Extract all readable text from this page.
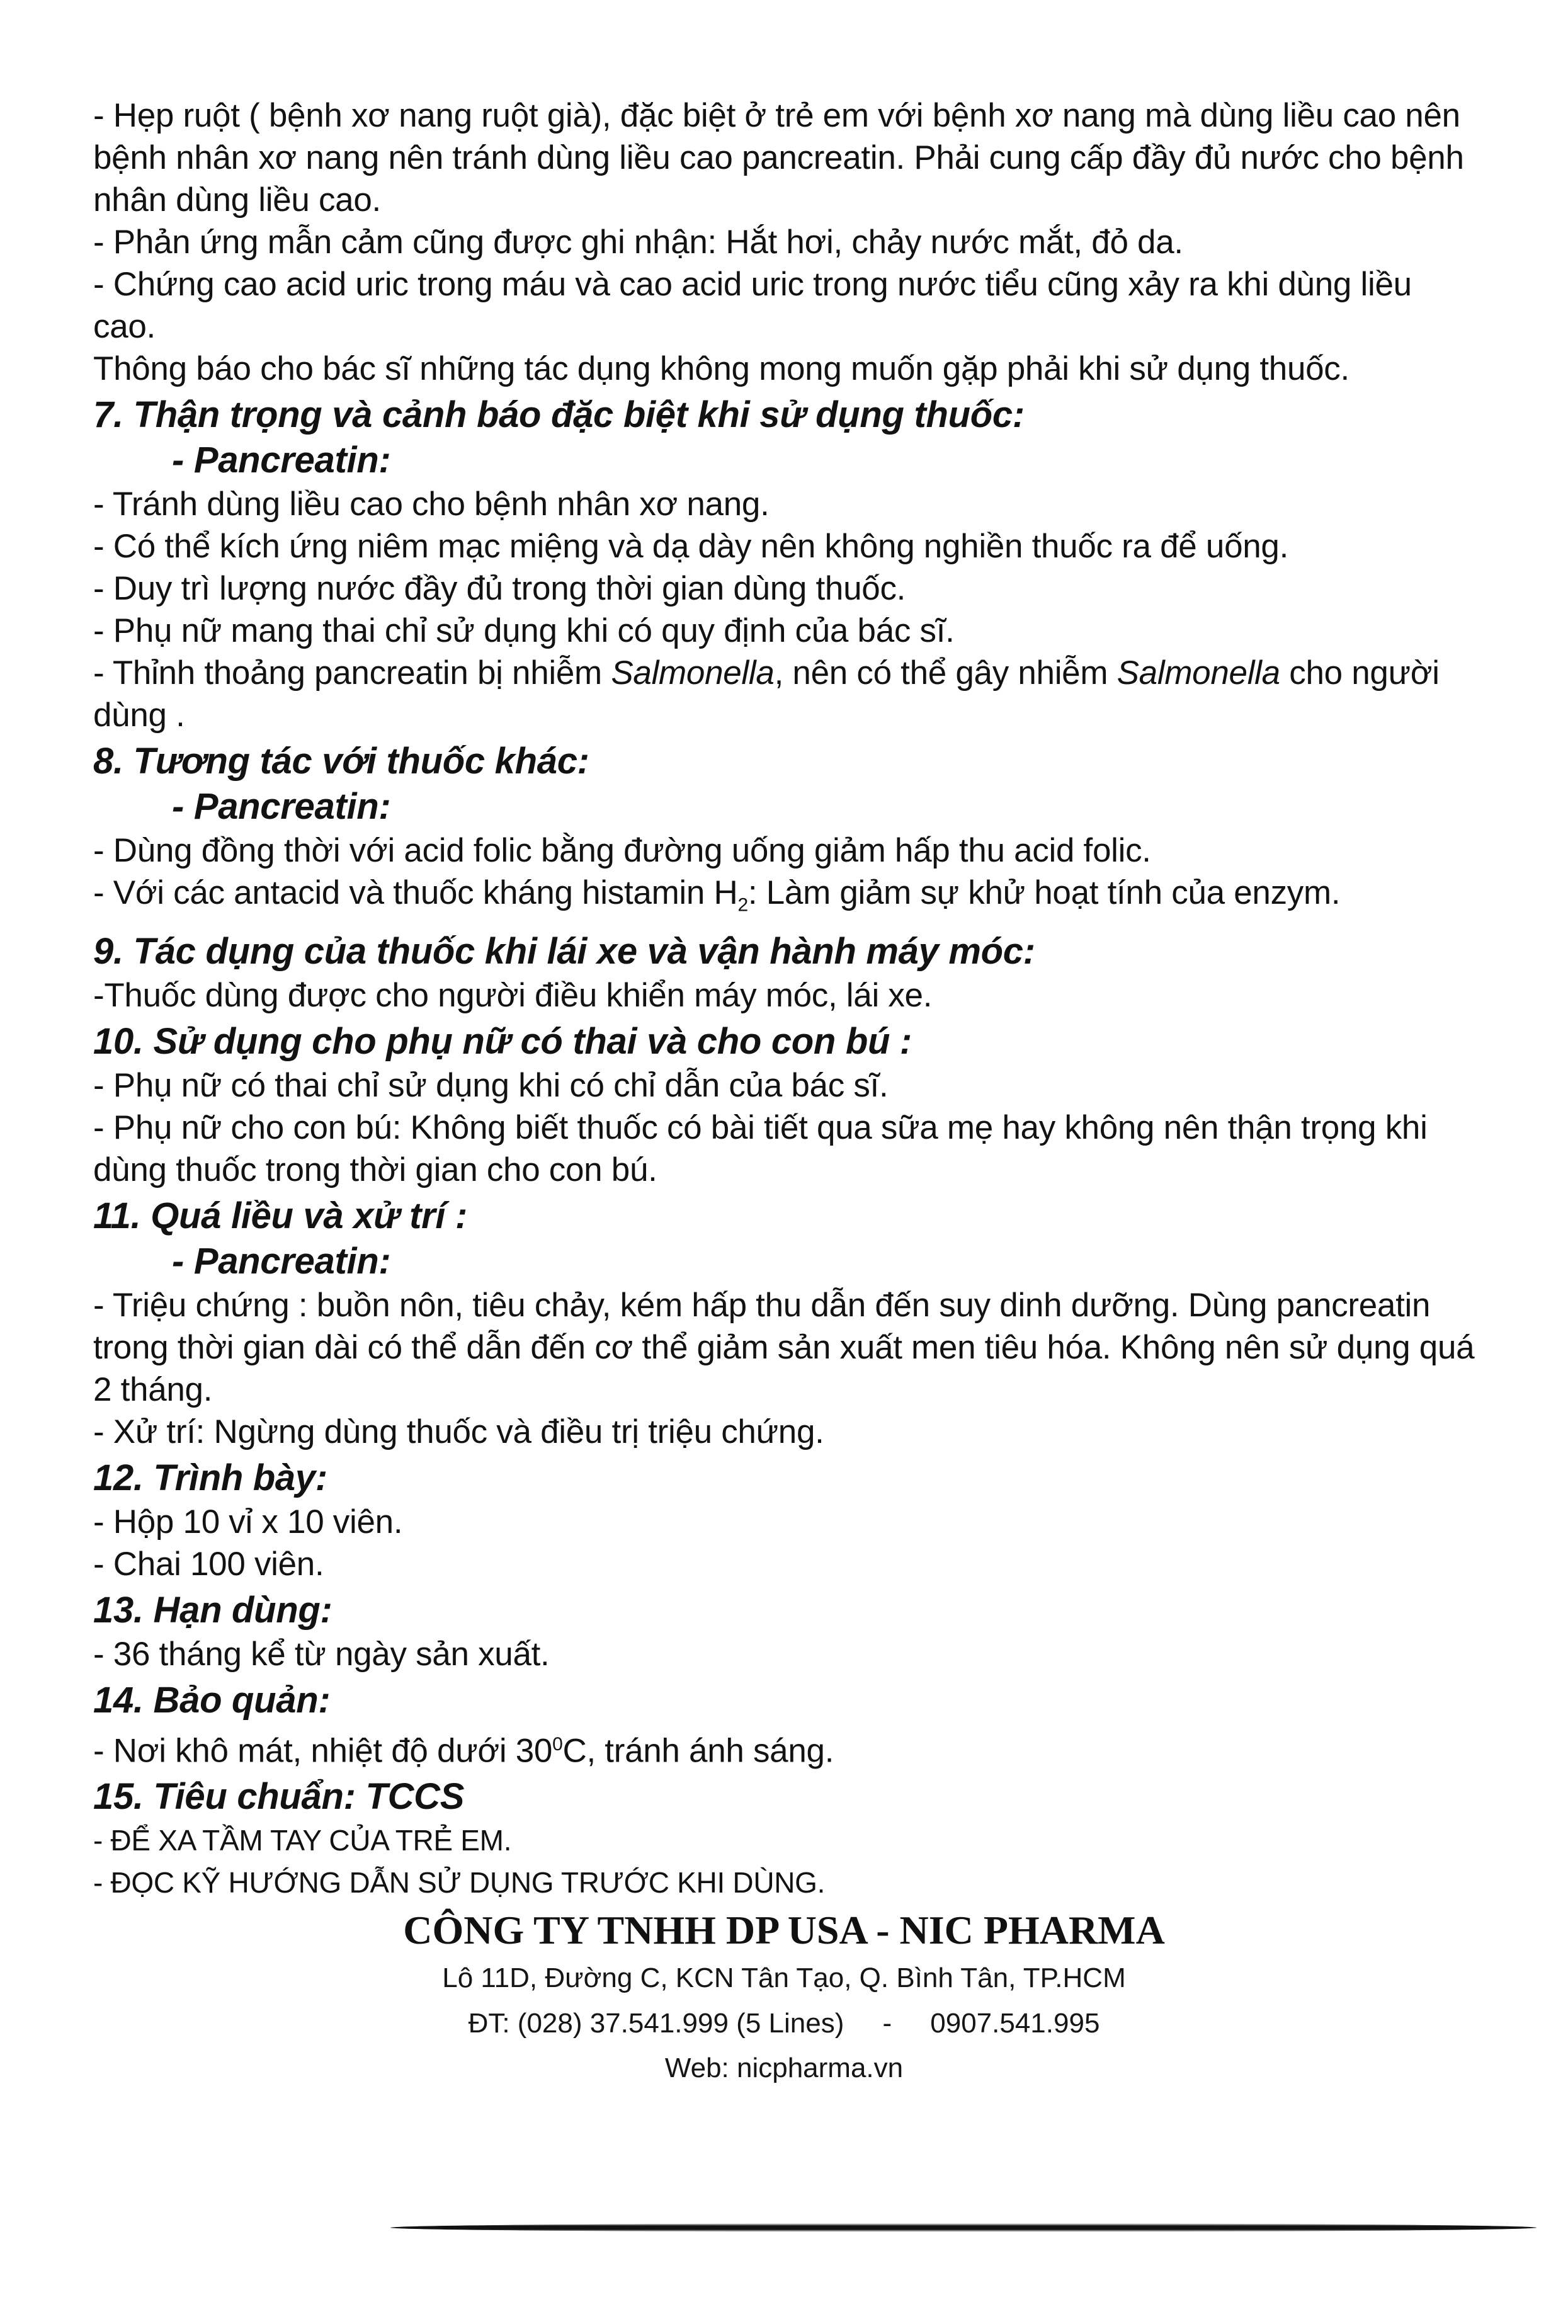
- Hẹp ruột ( bệnh xơ nang ruột già), đặc biệt ở trẻ em với bệnh xơ nang mà dùng liều cao nên bệnh nhân xơ nang nên tránh dùng liều cao pancreatin. Phải cung cấp đầy đủ nước cho bệnh nhân dùng liều cao.

- Phản ứng mẫn cảm cũng được ghi nhận: Hắt hơi, chảy nước mắt, đỏ da.

- Chứng cao acid uric trong máu và cao acid uric trong nước tiểu cũng xảy ra khi dùng liều cao.

Thông báo cho bác sĩ những tác dụng không mong muốn gặp phải khi sử dụng thuốc.

7. Thận trọng và cảnh báo đặc biệt khi sử dụng thuốc:

- Pancreatin:

- Tránh dùng liều cao cho bệnh nhân xơ nang.

- Có thể kích ứng niêm mạc miệng và dạ dày nên không nghiền thuốc ra để uống.

- Duy trì lượng nước đầy đủ trong thời gian dùng thuốc.

- Phụ nữ mang thai chỉ sử dụng khi có quy định của bác sĩ.

- Thỉnh thoảng pancreatin bị nhiễm Salmonella, nên có thể gây nhiễm Salmonella cho người dùng .

8. Tương tác với thuốc khác:

- Pancreatin:

- Dùng đồng thời với acid folic bằng đường uống giảm hấp thu acid folic.

- Với các antacid và thuốc kháng histamin $H_2$: Làm giảm sự khử hoạt tính của enzym.

9. Tác dụng của thuốc khi lái xe và vận hành máy móc:

-Thuốc dùng được cho người điều khiển máy móc, lái xe.

10. Sử dụng cho phụ nữ có thai và cho con bú :

- Phụ nữ có thai chỉ sử dụng khi có chỉ dẫn của bác sĩ.

- Phụ nữ cho con bú: Không biết thuốc có bài tiết qua sữa mẹ hay không nên thận trọng khi dùng thuốc trong thời gian cho con bú.

11. Quá liều và xử trí :

- Pancreatin:

- Triệu chứng : buồn nôn, tiêu chảy, kém hấp thu dẫn đến suy dinh dưỡng. Dùng pancreatin trong thời gian dài có thể dẫn đến cơ thể giảm sản xuất men tiêu hóa. Không nên sử dụng quá 2 tháng.

- Xử trí: Ngừng dùng thuốc và điều trị triệu chứng.

12. Trình bày:

- Hộp 10 vỉ x 10 viên.

- Chai 100 viên.

13. Hạn dùng:

- 36 tháng kể từ ngày sản xuất.

14. Bảo quản:

- Nơi khô mát, nhiệt độ dưới $30^0C$, tránh ánh sáng.

15. Tiêu chuẩn: TCCS

- ĐỂ XA TẦM TAY CỦA TRẺ EM.

- ĐỌC KỸ HƯỚNG DẪN SỬ DỤNG TRƯỚC KHI DÙNG.

CÔNG TY TNHH DP USA - NIC PHARMA
Lô 11D, Đường C, KCN Tân Tạo, Q. Bình Tân, TP.HCM
ĐT: (028) 37.541.999 (5 Lines)     -     0907.541.995
Web: nicpharma.vn
